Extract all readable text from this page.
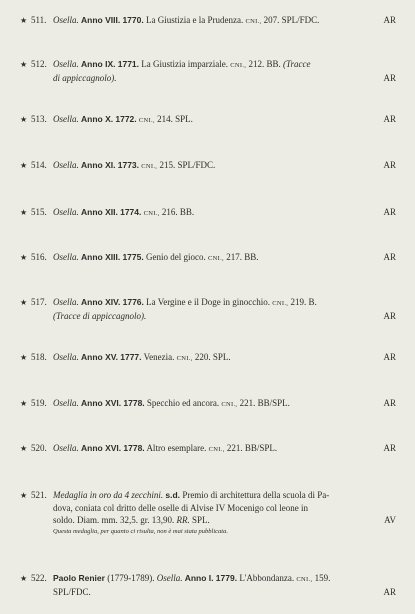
★ 511. Osella. Anno VIII. 1770. La Giustizia e la Prudenza. CNI., 207. SPL/FDC.	AR
★ 512. Osella. Anno IX. 1771. La Giustizia imparziale. CNI., 212. BB. (Tracce
di appiccagnolo).	AR
★ 513. Osella. Anno X. 1772. CNI., 214. SPL.	AR
★ 514. Osella. Anno XI. 1773. CNI., 215. SPL/FDC.	AR
★ 515. Osella. Anno XII. 1774. CNI., 216. BB.	AR
★ 516. Osella. Anno XIII. 1775. Genio del gioco. CNI., 217. BB.	AR
★ 517. Osella. Anno XIV. 1776. La Vergine e il Doge in ginocchio. CNI., 219. B.
(Tracce di appiccagnolo).	AR
★ 518. Osella. Anno XV. 1777. Venezia. CNI., 220. SPL.	AR
★ 519. Osella. Anno XVI. 1778. Specchio ed ancora. CNI., 221. BB/SPL.	AR
★ 520. Osella. Anno XVI. 1778. Altro esemplare. CNI., 221. BB/SPL.	AR
★ 521. Medaglia in oro da 4 zecchini. s.d. Premio di architettura della scuola di Pa-
dova, coniata col dritto delle oselle di Alvise IV Mocenigo col leone in
soldo. Diam. mm. 32,5. gr. 13,90. RR. SPL.	AV
Questa medaglia, per quanto ci risulta, non è mai stata pubblicata.
★ 522. Paolo Renier (1779-1789). Osella. Anno I. 1779. L'Abbondanza. CNI., 159.
SPL/FDC.	AR
